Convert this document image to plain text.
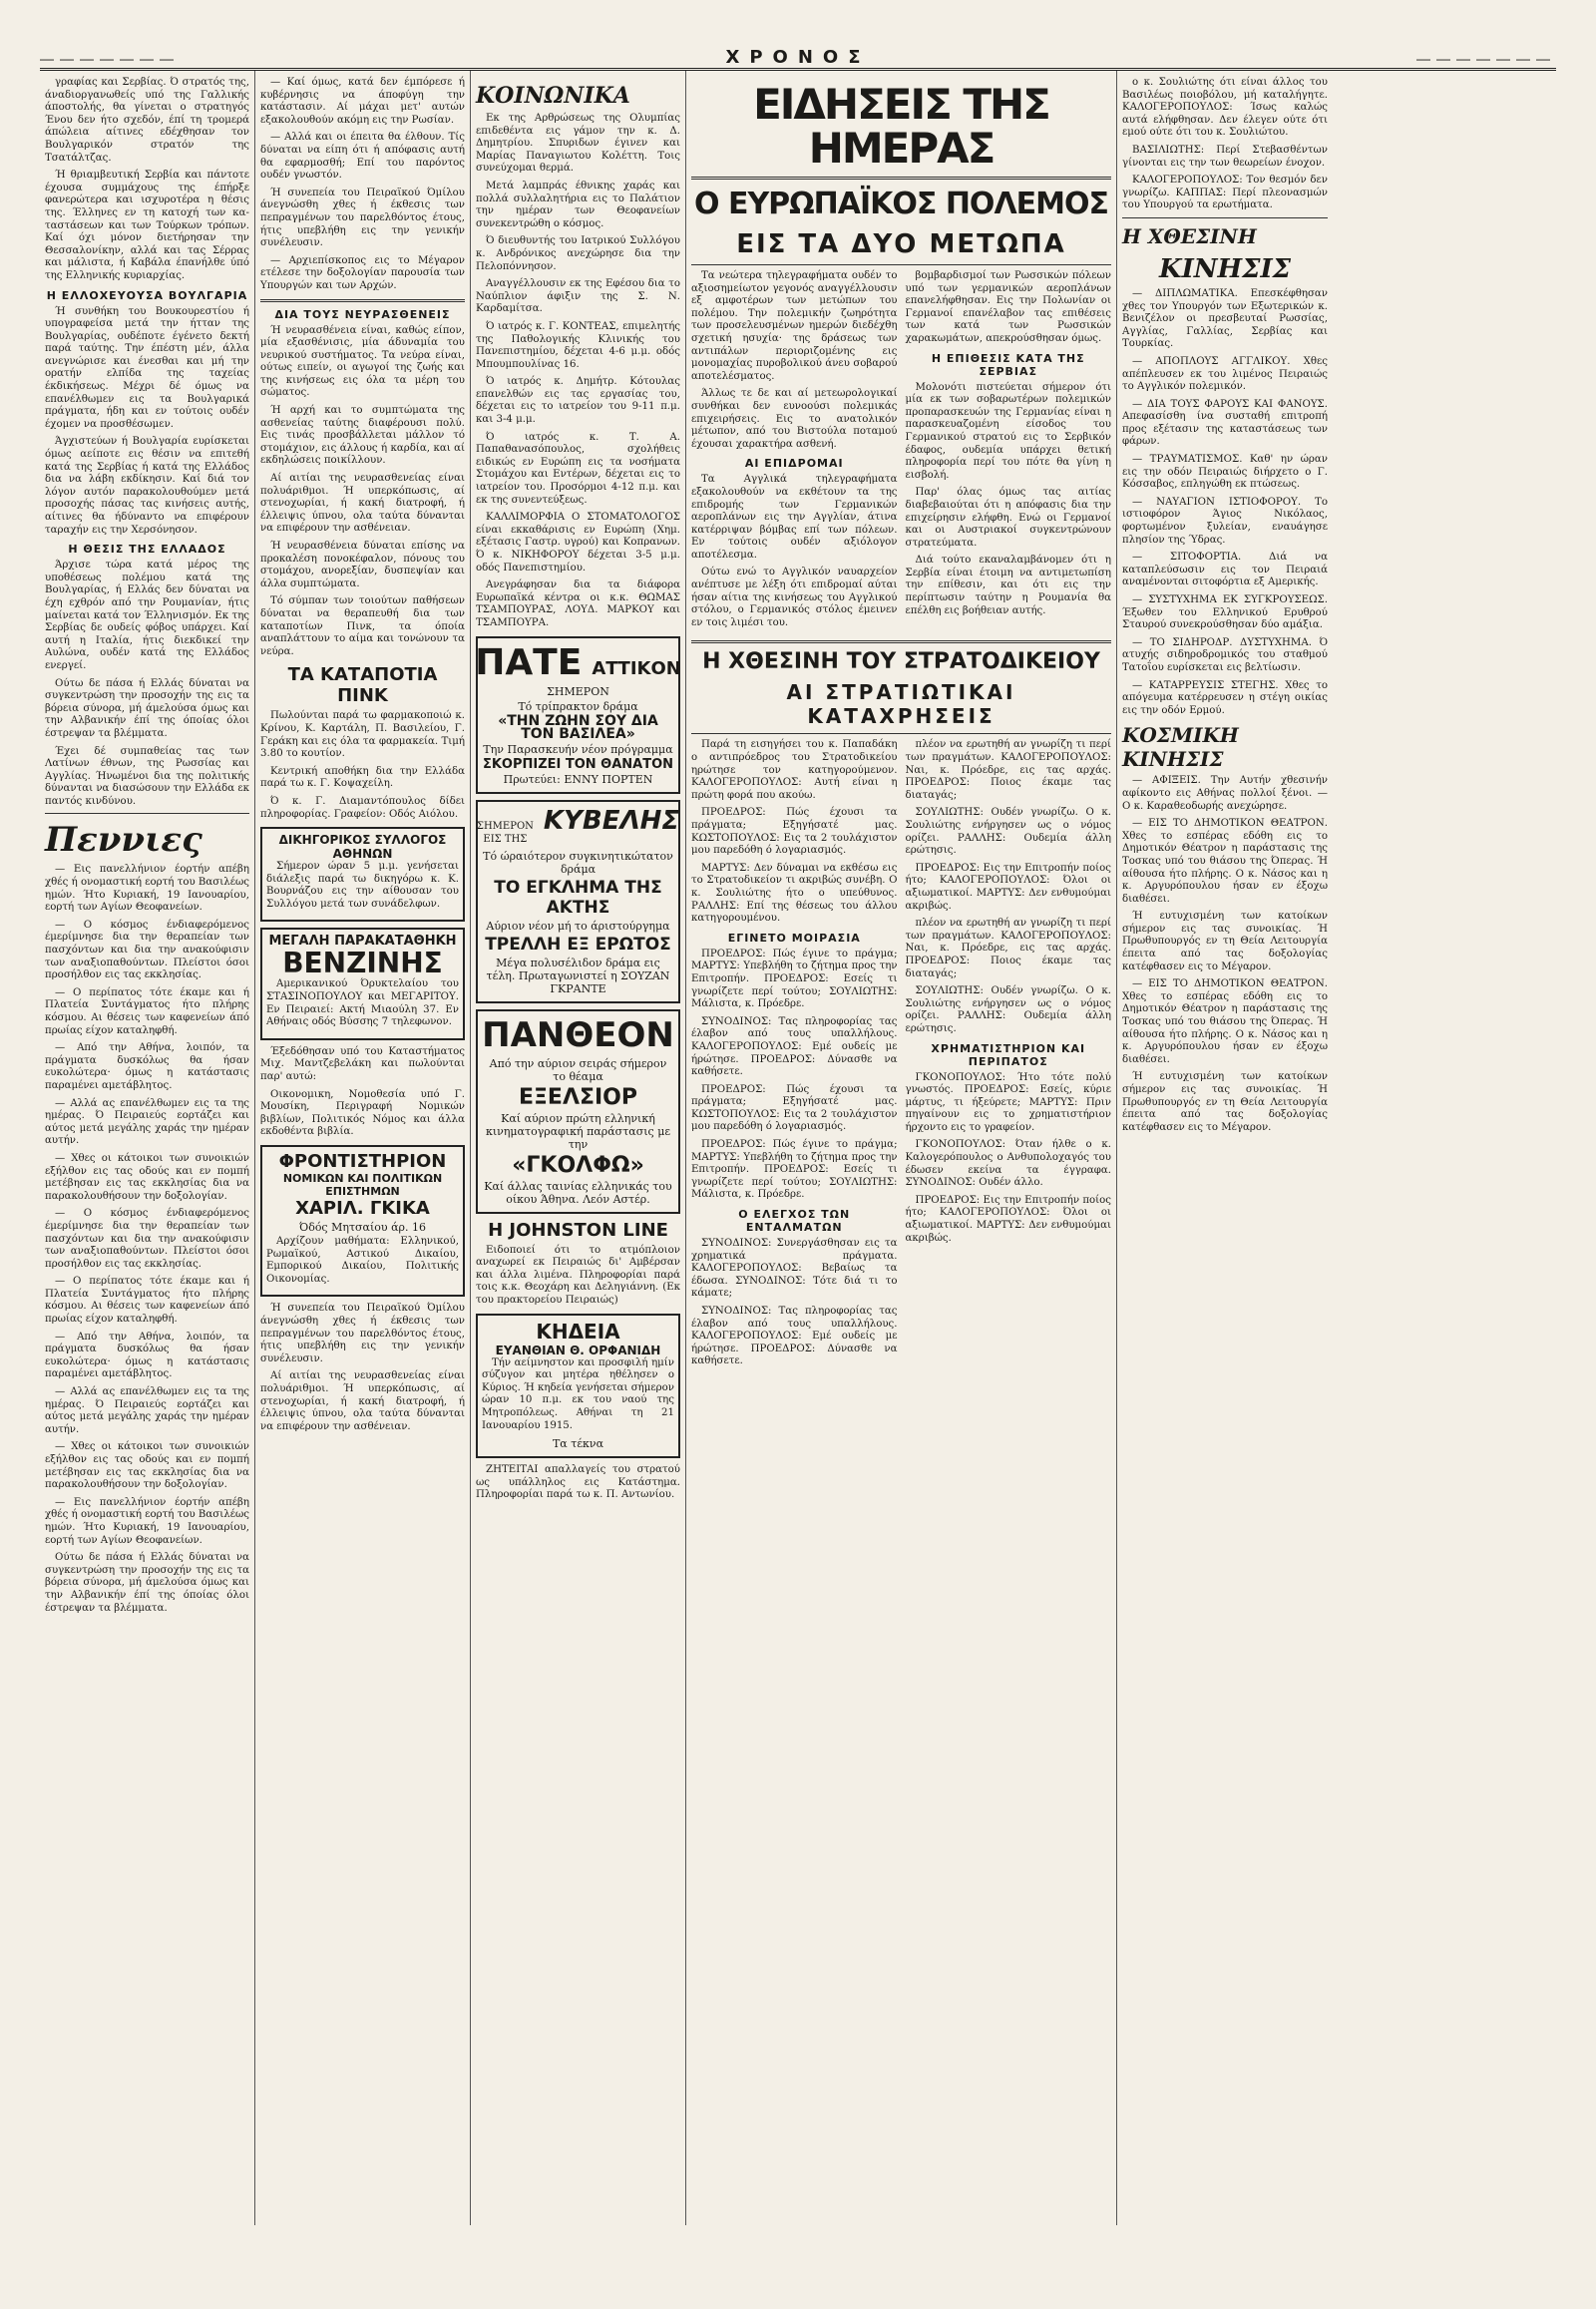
―――――――	ΧΡΟΝΟΣ	―――――――

γραφίας και Σερβίας. Ό στρατός της, άναδιοργανωθείς υπό της Γαλλικής άποστολής, θα γίνεται ο στρατηγός Ένου δεν ήτο σχεδόν, έπί τη τρομερά άπώλεια αίτινες εδέχθησαν τον Βουλγαρικόν στρατόν της Τσατάλτζας.

Ή θριαμβευτική Σερβία και πάντοτε έχουσα συμμάχους της έπήρξε φανερώτερα και ισχυροτέρα η θέσις της. Έλληνες εν τη κατοχή των καταστάσεων και των Τούρκων τρόπων. Καί όχι μόνον διετήρησαν την Θεσσαλονίκην, αλλά και τας Σέρρας και μάλιστα, ή Καβάλα έπανήλθε ύπό της Ελληνικής κυριαρχίας.

Η ΕΛΛΟΧΕΥΟΥΣΑ ΒΟΥΛΓΑΡΙΑ

Ή συνθήκη του Βουκουρεστίου ή υπογραφείσα μετά την ήτταν της Βουλγαρίας, ουδέποτε έγένετο δεκτή παρά ταύτης. Την έπέστη μέν, άλλα ανεγνώρισε και ένεσθαι και μή την ορατήν ελπίδα της ταχείας έκδικήσεως. Μέχρι δέ όμως να επανέλθωμεν εις τα Βουλγαρικά πράγματα, ήδη και εν τούτοις ουδέν έχομεν να προσθέσωμεν.

Άγχιστεύων ή Βουλγαρία ευρίσκεται όμως αείποτε εις θέσιν να επιτεθή κατά της Σερβίας ή κατά της Ελλάδος δια να λάβη εκδίκησιν. Καί διά τον λόγον αυτόν παρακολουθούμεν μετά προσοχής πάσας τας κινήσεις αυτής, αίτινες θα ήδύναντο να επιφέρουν ταραχήν εις την Χερσόνησον.

Η ΘΕΣΙΣ ΤΗΣ ΕΛΛΑΔΟΣ

Άρχισε τώρα κατά μέρος της υποθέσεως πολέμου κατά της Βουλγαρίας, ή Ελλάς δεν δύναται να έχη εχθρόν από την Ρουμανίαν, ήτις μαίνεται κατά τον Έλληνισμόν. Εκ της Σερβίας δε ουδείς φόβος υπάρχει. Καί αυτή η Ιταλία, ήτις διεκδικεί την Αυλώνα, ουδέν κατά της Ελλάδος ενεργεί.

Ούτω δε πάσα ή Ελλάς δύναται να συγκεντρώση την προσοχήν της εις τα βόρεια σύνορα, μή άμελούσα όμως και την Αλβανικήν έπί της όποίας όλοι έστρεψαν τα βλέμματα.

Έχει δέ συμπαθείας τας των Λατίνων έθνων, της Ρωσσίας και Αγγλίας. Ήνωμένοι δια της πολιτικής δύνανται να διασώσουν την Ελλάδα εκ παντός κινδύνου.

Πεννιες

— Εις πανελλήνιον έορτήν απέβη χθές ή ονομαστική εορτή του Βασιλέως ημών. Ήτο Κυριακή, 19 Ιανουαρίου, εορτή των Αγίων Θεοφανείων.

— Ο κόσμος ένδιαφερόμενος έμερίμνησε δια την θεραπείαν των πασχόντων και δια την ανακούφισιν των αναξιοπαθούντων. Πλείστοι όσοι προσήλθον εις τας εκκλησίας.

— Ο περίπατος τότε έκαμε και ή Πλατεία Συντάγματος ήτο πλήρης κόσμου. Αι θέσεις των καφενείων άπό πρωίας είχον καταληφθή.

— Από την Αθήνα, λοιπόν, τα πράγματα δυσκόλως θα ήσαν ευκολώτερα· όμως η κατάστασις παραμένει αμετάβλητος.

— Αλλά ας επανέλθωμεν εις τα της ημέρας. Ό Πειραιεύς εορτάζει και αύτος μετά μεγάλης χαράς την ημέραν αυτήν.

— Χθες οι κάτοικοι των συνοικιών εξήλθον εις τας οδούς και εν πομπή μετέβησαν εις τας εκκλησίας δια να παρακολουθήσουν την δοξολογίαν.

— Ο κόσμος ένδιαφερόμενος έμερίμνησε δια την θεραπείαν των πασχόντων και δια την ανακούφισιν των αναξιοπαθούντων. Πλείστοι όσοι προσήλθον εις τας εκκλησίας.

— Ο περίπατος τότε έκαμε και ή Πλατεία Συντάγματος ήτο πλήρης κόσμου. Αι θέσεις των καφενείων άπό πρωίας είχον καταληφθή.

— Από την Αθήνα, λοιπόν, τα πράγματα δυσκόλως θα ήσαν ευκολώτερα· όμως η κατάστασις παραμένει αμετάβλητος.

— Αλλά ας επανέλθωμεν εις τα της ημέρας. Ό Πειραιεύς εορτάζει και αύτος μετά μεγάλης χαράς την ημέραν αυτήν.

— Χθες οι κάτοικοι των συνοικιών εξήλθον εις τας οδούς και εν πομπή μετέβησαν εις τας εκκλησίας δια να παρακολουθήσουν την δοξολογίαν.

— Εις πανελλήνιον έορτήν απέβη χθές ή ονομαστική εορτή του Βασιλέως ημών. Ήτο Κυριακή, 19 Ιανουαρίου, εορτή των Αγίων Θεοφανείων.

Ούτω δε πάσα ή Ελλάς δύναται να συγκεντρώση την προσοχήν της εις τα βόρεια σύνορα, μή άμελούσα όμως και την Αλβανικήν έπί της όποίας όλοι έστρεψαν τα βλέμματα.

— Καί όμως, κατά δεν έμπόρεσε ή κυβέρνησις να άποφύγη την κατάστασιν. Αί μάχαι μετ' αυτών εξακολουθούν ακόμη εις την Ρωσίαν.

— Αλλά και οι έπειτα θα έλθουν. Τίς δύναται να είπη ότι ή απόφασις αυτή θα εφαρμοσθή; Επί του παρόντος ουδέν γνωστόν.

Ή συνεπεία του Πειραϊκού Όμίλου άνεγνώσθη χθες ή έκθεσις των πεπραγμένων του παρελθόντος έτους, ήτις υπεβλήθη εις την γενικήν συνέλευσιν.

— Αρχιεπίσκοπος εις το Μέγαρον ετέλεσε την δοξολογίαν παρουσία των Υπουργών και των Αρχών.

ΔΙΑ ΤΟΥΣ ΝΕΥΡΑΣΘΕΝΕΙΣ

Ή νευρασθένεια είναι, καθώς είπον, μία εξασθένισις, μία άδυναμία του νευρικού συστήματος. Τα νεύρα είναι, ούτως ειπείν, οι αγωγοί της ζωής και της κινήσεως εις όλα τα μέρη του σώματος.

Ή αρχή και το συμπτώματα της ασθενείας ταύτης διαφέρουσι πολύ. Εις τινάς προσβάλλεται μάλλον τό στομάχιον, εις άλλους ή καρδία, και αί εκδηλώσεις ποικίλλουν.

Αί αιτίαι της νευρασθενείας είναι πολυάριθμοι. Ή υπερκόπωσις, αί στενοχωρίαι, ή κακή διατροφή, ή έλλειψις ύπνου, ολα ταύτα δύνανται να επιφέρουν την ασθένειαν.

Ή νευρασθένεια δύναται επίσης να προκαλέση πονοκέφαλον, πόνους του στομάχου, ανορεξίαν, δυσπεψίαν και άλλα συμπτώματα.

Τό σύμπαν των τοιούτων παθήσεων δύναται να θεραπευθή δια των καταποτίων Πινκ, τα όποία αναπλάττουν το αίμα και τονώνουν τα νεύρα.

ΤΑ ΚΑΤΑΠΟΤΙΑ ΠΙΝΚ

Πωλούνται παρά τω φαρμακοποιώ κ. Κρίνου, Κ. Καρτάλη, Π. Βασιλείου, Γ. Γεράκη και εις όλα τα φαρμακεία. Τιμή 3.80 το κουτίον.

Κεντρική αποθήκη δια την Ελλάδα παρά τω κ. Γ. Κοψαχείλη.

Ό κ. Γ. Διαμαντόπουλος δίδει πληροφορίας. Γραφείον: Οδός Αιόλου.

ΔΙΚΗΓΟΡΙΚΟΣ ΣΥΛΛΟΓΟΣ ΑΘΗΝΩΝ

Σήμερον ώραν 5 μ.μ. γενήσεται διάλεξις παρά τω δικηγόρω κ. Κ. Βουρνάζου εις την αίθουσαν του Συλλόγου μετά των συνάδελφων.

ΜΕΓΑΛΗ ΠΑΡΑΚΑΤΑΘΗΚΗ
ΒΕΝΖΙΝΗΣ

Αμερικανικού Όρυκτελαίου του ΣΤΑΣΙΝΟΠΟΥΛΟΥ και ΜΕΓΑΡΙΤΟΥ. Εν Πειραιεί: Ακτή Μιαούλη 37. Εν Αθήναις οδός Βύσσης 7 τηλεφωνον.

Έξεδόθησαν υπό του Καταστήματος Μιχ. Μαντζεβελάκη και πωλούνται παρ' αυτώ:

Οικονομικη, Νομοθεσία υπό Γ. Μουσίκη, Περιγραφή Νομικών βιβλίων, Πολιτικός Νόμος και άλλα εκδοθέντα βιβλία.

ΦΡΟΝΤΙΣΤΗΡΙΟΝ
ΝΟΜΙΚΩΝ ΚΑΙ ΠΟΛΙΤΙΚΩΝ ΕΠΙΣΤΗΜΩΝ
ΧΑΡΙΛ. ΓΚΙΚΑ
Όδός Μητσαίου άρ. 16

Αρχίζουν μαθήματα: Ελληνικού, Ρωμαϊκού, Αστικού Δικαίου, Εμπορικού Δικαίου, Πολιτικής Οικονομίας.

Ή συνεπεία του Πειραϊκού Όμίλου άνεγνώσθη χθες ή έκθεσις των πεπραγμένων του παρελθόντος έτους, ήτις υπεβλήθη εις την γενικήν συνέλευσιν.

Αί αιτίαι της νευρασθενείας είναι πολυάριθμοι. Ή υπερκόπωσις, αί στενοχωρίαι, ή κακή διατροφή, ή έλλειψις ύπνου, ολα ταύτα δύνανται να επιφέρουν την ασθένειαν.

ΚΟΙΝΩΝΙΚΑ

Εκ της Αρθρώσεως της Ολυμπίας επιδεθέντα εις γάμον την κ. Δ. Δημητρίου. Σπυριδων έγινεν και Μαρίας Παναγιωτου Κολέττη. Τοις συνεύχομαι θερμά.

Μετά λαμπράς έθνικης χαράς και πολλά συλλαλητήρια εις το Παλάτιον την ημέραν των Θεοφανείων συνεκεντρώθη ο κόσμος.

Ό διευθυντής του Ιατρικού Συλλόγου κ. Ανδρόνικος ανεχώρησε δια την Πελοπόννησον.

Αναγγέλλουσιν εκ της Εφέσου δια το Ναύπλιον άφιξιν της Σ. Ν. Καρδαμίτσα.

Ό ιατρός κ. Γ. ΚΟΝΤΕΑΣ, επιμελητής της Παθολογικής Κλινικής του Πανεπιστημίου, δέχεται 4-6 μ.μ. οδός Μπουμπουλίνας 16.

Ό ιατρός κ. Δημήτρ. Κότουλας επανελθών εις τας εργασίας του, δέχεται εις το ιατρείον του 9-11 π.μ. και 3-4 μ.μ.

Ό ιατρός κ. Τ. Α. Παπαθανασόπουλος, σχολήθεις ειδικώς εν Ευρώπη εις τα νοσήματα Στομάχου και Εντέρων, δέχεται εις το ιατρείον του. Προσόρμοι 4-12 π.μ. και εκ της συνεντεύξεως.

ΚΑΛΛΙΜΟΡΦΙΑ Ο ΣΤΟΜΑΤΟΛΟΓΟΣ είναι εκκαθάρισις εν Ευρώπη (Χημ. εξέτασις Γαστρ. υγρού) και Κοπρανων. Ό κ. ΝΙΚΗΦΟΡΟΥ δέχεται 3-5 μ.μ. οδός Πανεπιστημίου.

Ανεγράφησαν δια τα διάφορα Ευρωπαϊκά κέντρα οι κ.κ. ΘΩΜΑΣ ΤΣΑΜΠΟΥΡΑΣ, ΛΟΥΔ. ΜΑΡΚΟΥ και ΤΣΑΜΠΟΥΡΑ.

ΠΑΤΕ ΑΤΤΙΚΟΝ
ΣΗΜΕΡΟΝ
Τό τρίπρακτον δράμα
«ΤΗΝ ΖΩΗΝ ΣΟΥ ΔΙΑ ΤΟΝ ΒΑΣΙΛΕΑ»
Την Παρασκευήν νέον πρόγραμμα
ΣΚΟΡΠΙΖΕΙ ΤΟΝ ΘΑΝΑΤΟΝ
Πρωτεύει: ΕΝΝΥ ΠΟΡΤΕΝ
ΣΗΜΕΡΟΝ ΕΙΣ ΤΗΣ
ΚΥΒΕΛΗΣ
Τό ώραιότερον συγκινητικώτατον δράμα
ΤΟ ΕΓΚΛΗΜΑ ΤΗΣ ΑΚΤΗΣ
Αύριον νέον μή το άριστούργημα
ΤΡΕΛΛΗ ΕΞ ΕΡΩΤΟΣ
Μέγα πολυσέλιδον δράμα εις τέλη. Πρωταγωνιστεί η ΣΟΥΖΑΝ ΓΚΡΑΝΤΕ
ΠΑΝΘΕΟΝ
Από την αύριον σειράς σήμερον το θέαμα
ΕΞΕΛΣΙΟΡ
Καί αύριον πρώτη ελληνική κινηματογραφική παράστασις με την
«ΓΚΟΛΦΩ»
Καί άλλας ταινίας ελληνικάς του οίκου Άθηνα. Λεόν Αστέρ.
Η JOHNSTON LINE

Ειδοποιεί ότι το ατμόπλοιον αναχωρεί εκ Πειραιώς δι' Αμβέρσαν και άλλα λιμένα. Πληροφορίαι παρά τοις κ.κ. Θεοχάρη και Δεληγιάννη. (Εκ του πρακτορείου Πειραιώς)

ΚΗΔΕΙΑ
ΕΥΑΝΘΙΑΝ Θ. ΟΡΦΑΝΙΔΗ

Τήν αείμνηστον και προσφιλή ημίν σύζυγον και μητέρα ηθέλησεν ο Κύριος. Ή κηδεία γενήσεται σήμερον ώραν 10 π.μ. εκ του ναού της Μητροπόλεως. Αθήναι τη 21 Ιανουαρίου 1915.

Τα τέκνα

ΖΗΤΕΙΤΑΙ απαλλαγείς του στρατού ως υπάλληλος εις Κατάστημα. Πληροφορίαι παρά τω κ. Π. Αντωνίου.

ΕΙΔΗΣΕΙΣ ΤΗΣ ΗΜΕΡΑΣ
Ο ΕΥΡΩΠΑΪΚΟΣ ΠΟΛΕΜΟΣ
ΕΙΣ ΤΑ ΔΥΟ ΜΕΤΩΠΑ

Τα νεώτερα τηλεγραφήματα ουδέν το αξιοσημείωτον γεγονός αναγγέλλουσιν εξ αμφοτέρων των μετώπων του πολέμου. Την πολεμικήν ζωηρότητα των προσελευσμένων ημερών διεδέχθη σχετική ησυχία· της δράσεως των αντιπάλων περιοριζομένης εις μονομαχίας πυροβολικού άνευ σοβαρού αποτελέσματος.

Άλλως τε δε και αί μετεωρολογικαί συνθήκαι δεν ευνοούσι πολεμικάς επιχειρήσεις. Εις το ανατολικόν μέτωπον, από του Βιστούλα ποταμού έχουσαι χαρακτήρα ασθενή.

ΑΙ ΕΠΙΔΡΟΜΑΙ

Τα Αγγλικά τηλεγραφήματα εξακολουθούν να εκθέτουν τα της επιδρομής των Γερμανικών αεροπλάνων εις την Αγγλίαν, άτινα κατέρριψαν βόμβας επί των πόλεων. Εν τούτοις ουδέν αξιόλογον αποτέλεσμα.

Ούτω ενώ το Αγγλικόν ναυαρχείον ανέπτυσε με λέξη ότι επιδρομαί αύται ήσαν αίτια της κινήσεως του Αγγλικού στόλου, ο Γερμανικός στόλος έμεινεν εν τοις λιμέσι του.

βομβαρδισμοί των Ρωσσικών πόλεων υπό των γερμανικών αεροπλάνων επανελήφθησαν. Εις την Πολωνίαν οι Γερμανοί επανέλαβον τας επιθέσεις των κατά των Ρωσσικών χαρακωμάτων, απεκρούσθησαν όμως.

Η ΕΠΙΘΕΣΙΣ ΚΑΤΑ ΤΗΣ ΣΕΡΒΙΑΣ

Μολονότι πιστεύεται σήμερον ότι μία εκ των σοβαρωτέρων πολεμικών προπαρασκευών της Γερμανίας είναι η παρασκευαζομένη είσοδος του Γερμανικού στρατού εις το Σερβικόν έδαφος, ουδεμία υπάρχει θετική πληροφορία περί του πότε θα γίνη η εισβολή.

Παρ' όλας όμως τας αιτίας διαβεβαιούται ότι η απόφασις δια την επιχείρησιν ελήφθη. Ενώ οι Γερμανοί και οι Αυστριακοί συγκεντρώνουν στρατεύματα.

Διά τούτο εκαναλαμβάνομεν ότι η Σερβία είναι έτοιμη να αντιμετωπίση την επίθεσιν, και ότι εις την περίπτωσιν ταύτην η Ρουμανία θα επέλθη εις βοήθειαν αυτής.

Η ΧΘΕΣΙΝΗ ΤΟΥ ΣΤΡΑΤΟΔΙΚΕΙΟΥ
ΑΙ ΣΤΡΑΤΙΩΤΙΚΑΙ ΚΑΤΑΧΡΗΣΕΙΣ

Παρά τη εισηγήσει του κ. Παπαδάκη ο αντιπρόεδρος του Στρατοδικείου ηρώτησε τον κατηγορούμενον. ΚΑΛΟΓΕΡΟΠΟΥΛΟΣ: Αυτή είναι η πρώτη φορά που ακούω.

ΠΡΟΕΔΡΟΣ: Πώς έχουσι τα πράγματα; Εξηγήσατέ μας. ΚΩΣΤΟΠΟΥΛΟΣ: Εις τα 2 τουλάχιστον μου παρεδόθη ό λογαριασμός.

ΜΑΡΤΥΣ: Δεν δύναμαι να εκθέσω εις το Στρατοδικείον τι ακριβώς συνέβη. Ο κ. Σουλιώτης ήτο ο υπεύθυνος. ΡΑΛΛΗΣ: Επί της θέσεως του άλλου κατηγορουμένου.

ΕΓΙΝΕΤΟ ΜΟΙΡΑΣΙΑ

ΠΡΟΕΔΡΟΣ: Πώς έγινε το πράγμα; ΜΑΡΤΥΣ: Υπεβλήθη το ζήτημα προς την Επιτροπήν. ΠΡΟΕΔΡΟΣ: Εσείς τι γνωρίζετε περί τούτου; ΣΟΥΛΙΩΤΗΣ: Μάλιστα, κ. Πρόεδρε.

ΣΥΝΟΔΙΝΟΣ: Τας πληροφορίας τας έλαβον από τους υπαλλήλους. ΚΑΛΟΓΕΡΟΠΟΥΛΟΣ: Εμέ ουδείς με ήρώτησε. ΠΡΟΕΔΡΟΣ: Δύνασθε να καθήσετε.

ΠΡΟΕΔΡΟΣ: Πώς έχουσι τα πράγματα; Εξηγήσατέ μας. ΚΩΣΤΟΠΟΥΛΟΣ: Εις τα 2 τουλάχιστον μου παρεδόθη ό λογαριασμός.

ΠΡΟΕΔΡΟΣ: Πώς έγινε το πράγμα; ΜΑΡΤΥΣ: Υπεβλήθη το ζήτημα προς την Επιτροπήν. ΠΡΟΕΔΡΟΣ: Εσείς τι γνωρίζετε περί τούτου; ΣΟΥΛΙΩΤΗΣ: Μάλιστα, κ. Πρόεδρε.

Ο ΕΛΕΓΧΟΣ ΤΩΝ ΕΝΤΑΛΜΑΤΩΝ

ΣΥΝΟΔΙΝΟΣ: Συνεργάσθησαν εις τα χρηματικά πράγματα. ΚΑΛΟΓΕΡΟΠΟΥΛΟΣ: Βεβαίως τα έδωσα. ΣΥΝΟΔΙΝΟΣ: Τότε διά τι το κάματε;

ΣΥΝΟΔΙΝΟΣ: Τας πληροφορίας τας έλαβον από τους υπαλλήλους. ΚΑΛΟΓΕΡΟΠΟΥΛΟΣ: Εμέ ουδείς με ήρώτησε. ΠΡΟΕΔΡΟΣ: Δύνασθε να καθήσετε.

πλέον να ερωτηθή αν γνωρίζη τι περί των πραγμάτων. ΚΑΛΟΓΕΡΟΠΟΥΛΟΣ: Ναι, κ. Πρόεδρε, εις τας αρχάς. ΠΡΟΕΔΡΟΣ: Ποιος έκαμε τας διαταγάς;

ΣΟΥΛΙΩΤΗΣ: Ουδέν γνωρίζω. Ο κ. Σουλιώτης ενήργησεν ως ο νόμος ορίζει. ΡΑΛΛΗΣ: Ουδεμία άλλη ερώτησις.

ΠΡΟΕΔΡΟΣ: Εις την Επιτροπήν ποίος ήτο; ΚΑΛΟΓΕΡΟΠΟΥΛΟΣ: Όλοι οι αξιωματικοί. ΜΑΡΤΥΣ: Δεν ενθυμούμαι ακριβώς.

πλέον να ερωτηθή αν γνωρίζη τι περί των πραγμάτων. ΚΑΛΟΓΕΡΟΠΟΥΛΟΣ: Ναι, κ. Πρόεδρε, εις τας αρχάς. ΠΡΟΕΔΡΟΣ: Ποιος έκαμε τας διαταγάς;

ΣΟΥΛΙΩΤΗΣ: Ουδέν γνωρίζω. Ο κ. Σουλιώτης ενήργησεν ως ο νόμος ορίζει. ΡΑΛΛΗΣ: Ουδεμία άλλη ερώτησις.

ΧΡΗΜΑΤΙΣΤΗΡΙΟΝ ΚΑΙ ΠΕΡΙΠΑΤΟΣ

ΓΚΟΝΟΠΟΥΛΟΣ: Ήτο τότε πολύ γνωστός. ΠΡΟΕΔΡΟΣ: Εσείς, κύριε μάρτυς, τι ήξεύρετε; ΜΑΡΤΥΣ: Πριν πηγαίνουν εις το χρηματιστήριον ήρχοντο εις το γραφείον.

ΓΚΟΝΟΠΟΥΛΟΣ: Όταν ήλθε ο κ. Καλογερόπουλος ο Ανθυπολοχαγός του έδωσεν εκείνα τα έγγραφα. ΣΥΝΟΔΙΝΟΣ: Ουδέν άλλο.

ΠΡΟΕΔΡΟΣ: Εις την Επιτροπήν ποίος ήτο; ΚΑΛΟΓΕΡΟΠΟΥΛΟΣ: Όλοι οι αξιωματικοί. ΜΑΡΤΥΣ: Δεν ενθυμούμαι ακριβώς.

ο κ. Σουλιώτης ότι είναι άλλος του Βασιλέως ποιοβόλου, μή καταλήγητε. ΚΑΛΟΓΕΡΟΠΟΥΛΟΣ: Ίσως καλώς αυτά ελήφθησαν. Δεν έλεγεν ούτε ότι εμού ούτε ότι του κ. Σουλιώτου.

ΒΑΣΙΛΙΩΤΗΣ: Περί Στεβασθέντων γίνονται εις την των θεωρείων ένοχον.

ΚΑΛΟΓΕΡΟΠΟΥΛΟΣ: Τον θεσμόν δεν γνωρίζω. ΚΑΠΠΑΣ: Περί πλεονασμών του Υπουργού τα ερωτήματα.

Η ΧΘΕΣΙΝΗ
ΚΙΝΗΣΙΣ

— ΔΙΠΛΩΜΑΤΙΚΑ. Επεσκέφθησαν χθες τον Υπουργόν των Εξωτερικών κ. Βενιζέλον οι πρεσβευταί Ρωσσίας, Αγγλίας, Γαλλίας, Σερβίας και Τουρκίας.

— ΑΠΟΠΛΟΥΣ ΑΓΓΛΙΚΟΥ. Χθες απέπλευσεν εκ του λιμένος Πειραιώς το Αγγλικόν πολεμικόν.

— ΔΙΑ ΤΟΥΣ ΦΑΡΟΥΣ ΚΑΙ ΦΑΝΟΥΣ. Απεφασίσθη ίνα συσταθή επιτροπή προς εξέτασιν της καταστάσεως των φάρων.

— ΤΡΑΥΜΑΤΙΣΜΟΣ. Καθ' ην ώραν εις την οδόν Πειραιώς διήρχετο ο Γ. Κόσσαβος, επληγώθη εκ πτώσεως.

— ΝΑΥΑΓΙΟΝ ΙΣΤΙΟΦΟΡΟΥ. Το ιστιοφόρον Άγιος Νικόλαος, φορτωμένον ξυλείαν, εναυάγησε πλησίον της Ύδρας.

— ΣΙΤΟΦΟΡΤΙΑ. Διά να καταπλεύσωσιν εις τον Πειραιά αναμένονται σιτοφόρτια εξ Αμερικής.

— ΣΥΣΤΥΧΗΜΑ ΕΚ ΣΥΓΚΡΟΥΣΕΩΣ. Έξωθεν του Ελληνικού Ερυθρού Σταυρού συνεκρούσθησαν δύο αμάξια.

— ΤΟ ΣΙΔΗΡΟΔΡ. ΔΥΣΤΥΧΗΜΑ. Ό ατυχής σιδηροδρομικός του σταθμού Τατοΐου ευρίσκεται εις βελτίωσιν.

— ΚΑΤΑΡΡΕΥΣΙΣ ΣΤΕΓΗΣ. Χθες το απόγευμα κατέρρευσεν η στέγη οικίας εις την οδόν Ερμού.

ΚΟΣΜΙΚΗ ΚΙΝΗΣΙΣ

— ΑΦΙΞΕΙΣ. Την Αυτήν χθεσινήν αφίκοντο εις Αθήνας πολλοί ξένοι. — Ο κ. Καραθεοδωρής ανεχώρησε.

— ΕΙΣ ΤΟ ΔΗΜΟΤΙΚΟΝ ΘΕΑΤΡΟΝ. Χθες το εσπέρας εδόθη εις το Δημοτικόν Θέατρον η παράστασις της Τοσκας υπό του θιάσου της Όπερας. Ή αίθουσα ήτο πλήρης. Ο κ. Νάσος και η κ. Αργυρόπουλου ήσαν εν έξοχω διαθέσει.

Ή ευτυχισμένη των κατοίκων σήμερον εις τας συνοικίας. Ή Πρωθυπουργός εν τη Θεία Λειτουργία έπειτα από τας δοξολογίας κατέφθασεν εις το Μέγαρον.

— ΕΙΣ ΤΟ ΔΗΜΟΤΙΚΟΝ ΘΕΑΤΡΟΝ. Χθες το εσπέρας εδόθη εις το Δημοτικόν Θέατρον η παράστασις της Τοσκας υπό του θιάσου της Όπερας. Ή αίθουσα ήτο πλήρης. Ο κ. Νάσος και η κ. Αργυρόπουλου ήσαν εν έξοχω διαθέσει.

Ή ευτυχισμένη των κατοίκων σήμερον εις τας συνοικίας. Ή Πρωθυπουργός εν τη Θεία Λειτουργία έπειτα από τας δοξολογίας κατέφθασεν εις το Μέγαρον.
